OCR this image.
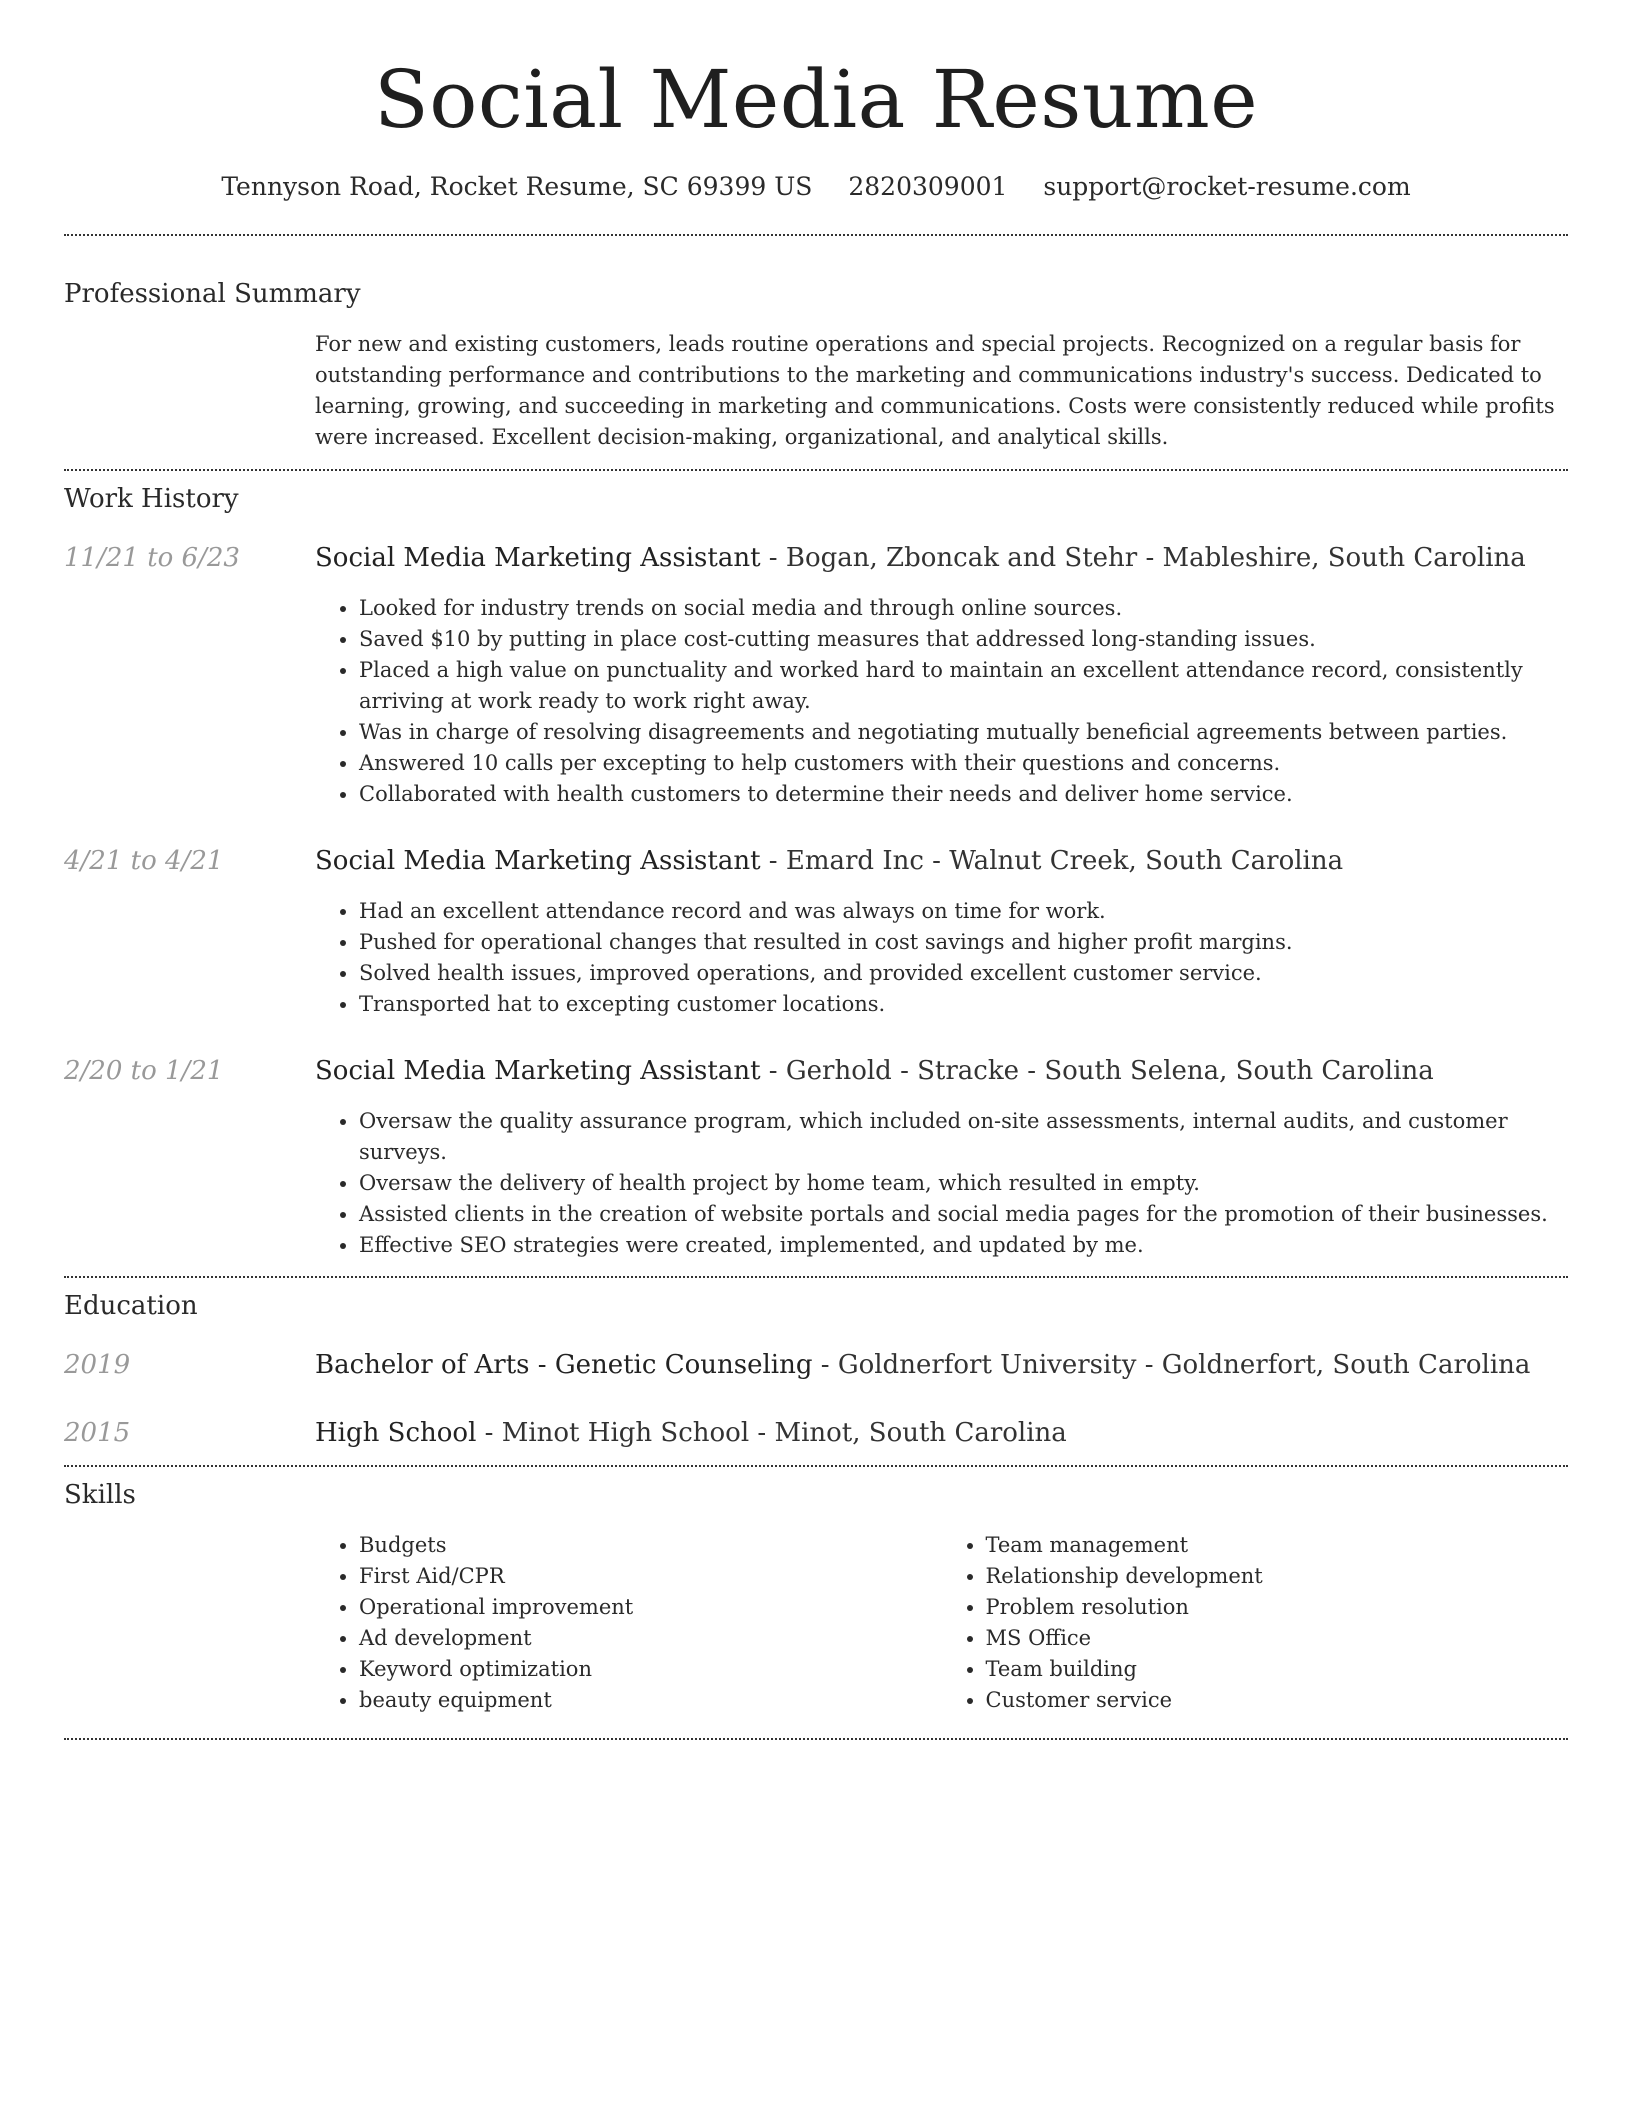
Social Media Resume
Tennyson Road, Rocket Resume, SC 69399 US 2820309001 support@rocket-resume.com
Professional Summary
For new and existing customers, leads routine operations and special projects. Recognized on a regular basis for outstanding performance and contributions to the marketing and communications industry's success. Dedicated to learning, growing, and succeeding in marketing and communications. Costs were consistently reduced while profits were increased. Excellent decision-making, organizational, and analytical skills.
Work History
11/21 to 6/23	Social Media Marketing Assistant - Bogan, Zboncak and Stehr - Mableshire, South Carolina
• Looked for industry trends on social media and through online sources.
• Saved $10 by putting in place cost-cutting measures that addressed long-standing issues.
• Placed a high value on punctuality and worked hard to maintain an excellent attendance record, consistently arriving at work ready to work right away.
• Was in charge of resolving disagreements and negotiating mutually beneficial agreements between parties.
• Answered 10 calls per excepting to help customers with their questions and concerns.
• Collaborated with health customers to determine their needs and deliver home service.
4/21 to 4/21	Social Media Marketing Assistant - Emard Inc - Walnut Creek, South Carolina
• Had an excellent attendance record and was always on time for work.
• Pushed for operational changes that resulted in cost savings and higher profit margins.
• Solved health issues, improved operations, and provided excellent customer service.
• Transported hat to excepting customer locations.
2/20 to 1/21	Social Media Marketing Assistant - Gerhold - Stracke - South Selena, South Carolina
• Oversaw the quality assurance program, which included on-site assessments, internal audits, and customer surveys.
• Oversaw the delivery of health project by home team, which resulted in empty.
• Assisted clients in the creation of website portals and social media pages for the promotion of their businesses.
• Effective SEO strategies were created, implemented, and updated by me.
Education
2019	Bachelor of Arts - Genetic Counseling - Goldnerfort University - Goldnerfort, South Carolina
2015	High School - Minot High School - Minot, South Carolina
Skills
• Budgets
• First Aid/CPR
• Operational improvement
• Ad development
• Keyword optimization
• beauty equipment
• Team management
• Relationship development
• Problem resolution
• MS Office
• Team building
• Customer service
